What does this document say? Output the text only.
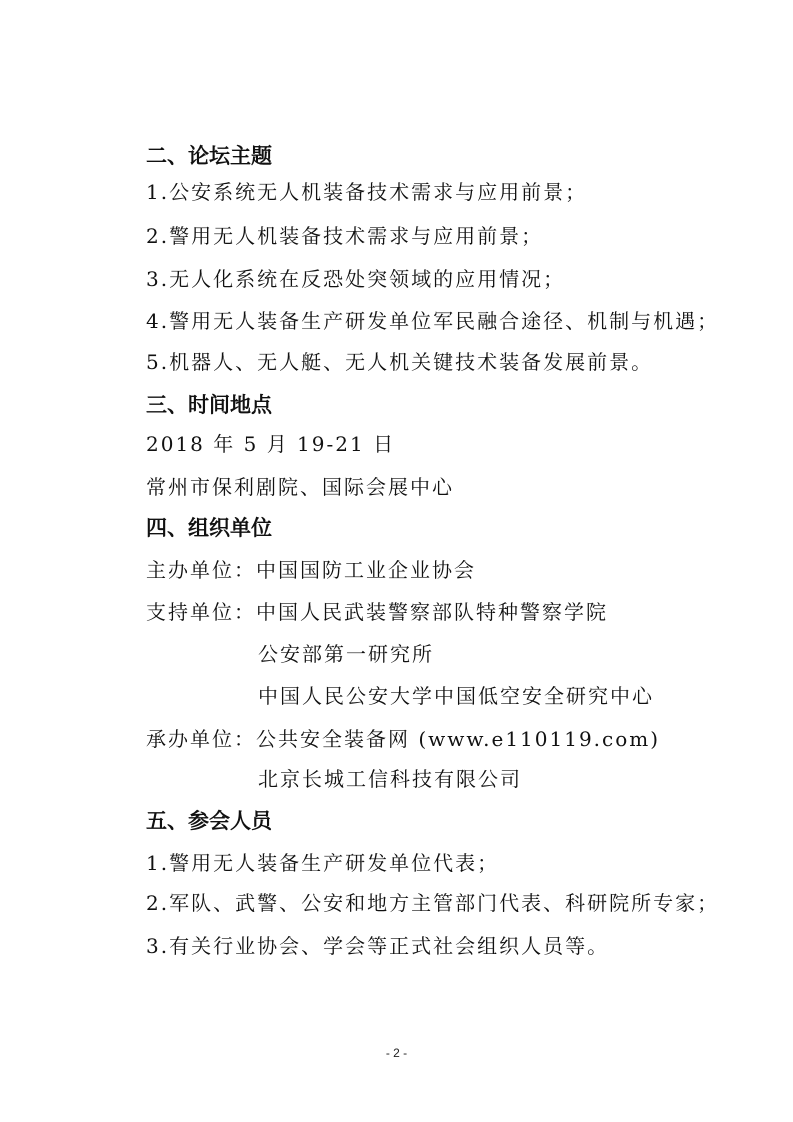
二、论坛主题
1.公安系统无人机装备技术需求与应用前景；
2.警用无人机装备技术需求与应用前景；
3.无人化系统在反恐处突领域的应用情况；
4.警用无人装备生产研发单位军民融合途径、机制与机遇；
5.机器人、无人艇、无人机关键技术装备发展前景。
三、时间地点
2018 年 5 月 19-21 日
常州市保利剧院、国际会展中心
四、组织单位
主办单位：中国国防工业企业协会
支持单位：中国人民武装警察部队特种警察学院
公安部第一研究所
中国人民公安大学中国低空安全研究中心
承办单位：公共安全装备网 (www.e110119.com)
北京长城工信科技有限公司
五、参会人员
1.警用无人装备生产研发单位代表；
2.军队、武警、公安和地方主管部门代表、科研院所专家；
3.有关行业协会、学会等正式社会组织人员等。
- 2 -
